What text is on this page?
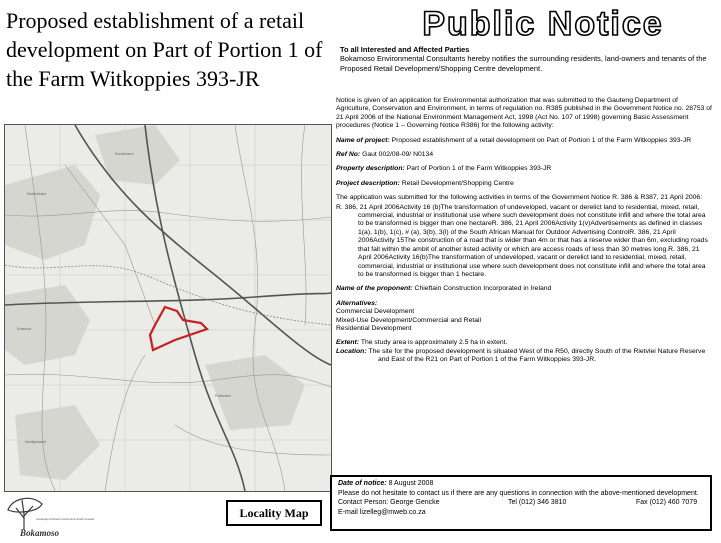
Proposed establishment of a retail development on Part of Portion 1 of the Farm Witkoppies 393-JR
Public Notice
To all Interested and Affected Parties
Bokamoso Environmental Consultants hereby notifies the surrounding residents, land-owners and tenants of the Proposed Retail Development/Shopping Centre development.

Notice is given of an application for Environmental authorization that was submitted to the Gauteng Department of Agriculture, Conservation and Environment, in terms of regulation no. R385 published in the Government Notice no. 28753 of 21 April 2006 of the National Environment Management Act, 1998 (Act No. 107 of 1998) governing Basic Assessment procedures (Notice 1 – Governing Notice R386) for the following activity:

Name of project: Proposed establishment of a retail development on Part of Portion 1 of the Farm Witkoppies 393-JR

Ref No: Gaut 002/08-09/ N0134

Property description: Part of Portion 1 of the Farm Witkoppies 393-JR

Project description: Retail Development/Shopping Centre

The application was submitted for the following activities in terms of the Government Notice R. 386 & R387, 21 April 2006:

R. 386, 21 April 2006Activity 16 (b)The transformation of undeveloped, vacant or derelict land to residential, mixed, retail, commercial, industrial or institutional use where such development does not constitute infill and where the total area to be transformed is bigger than one hectareR. 386, 21 April 2006Activity 1(v)Advertisements as defined in classes 1(a), 1(b), 1(c), # (a), 3(b), 3(l) of the South African Manual for Outdoor Advertising ControlR. 386, 21 April 2006Activity 15The construction of a road that is wider than 4m or that has a reserve wider than 6m, excluding roads that fall within the ambit of another listed activity or which are access roads of less than 30 metres long.R. 386, 21 April 2006Activity 16(b)The transformation of undeveloped, vacant or derelict land to residential, mixed, retail, commercial, industrial or institutional use where such development does not constitute infill and where the total area to be transformed is bigger than 1 hectare.

Name of the proponent: Chieftain Construction Incorporated in Ireland

Alternatives:
Commercial Development
Mixed-Use Development/Commercial and Retail
Residential Development
Extent: The study area is approximately 2.5 ha in extent.
Location: The site for the proposed development is situated West of the R50, directly South of the Rietvlei Nature Reserve and East of the R21 on Part of Portion 1 of the Farm Witkoppies 393-JR.
Mullerstuine
Sunderland
Erasmus
Putfontein
Nooitgedacht
Date of notice: 8 August 2008
Please do not hesitate to contact us if there are any questions in connection with the above-mentioned development.
Contact Person: George Gencke	Tel (012) 346 3810	Fax (012) 460 7079
E-mail lizelleg@mweb.co.za
Landscape Architects and Environmental Consultants
Bokamoso
Locality Map
